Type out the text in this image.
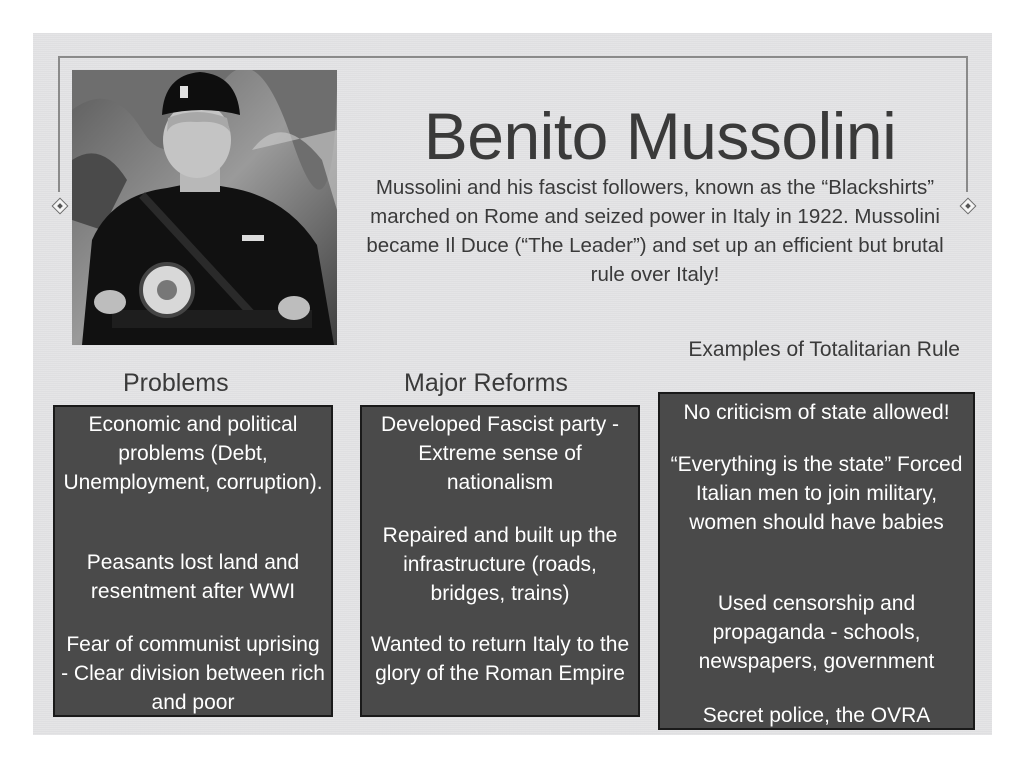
Benito Mussolini
Mussolini and his fascist followers, known as the “Blackshirts” marched on Rome and seized power in Italy in 1922. Mussolini became Il Duce (“The Leader”) and set up an efficient but brutal rule over Italy!
Problems	Major Reforms
Examples of Totalitarian Rule

Economic and political problems (Debt, Unemployment, corruption).

Peasants lost land and resentment after WWI

Fear of communist uprising - Clear division between rich and poor

Developed Fascist party - Extreme sense of nationalism

Repaired and built up the infrastructure (roads, bridges, trains)

Wanted to return Italy to the glory of the Roman Empire

No criticism of state allowed!

“Everything is the state” Forced Italian men to join military, women should have babies

Used censorship and propaganda - schools, newspapers, government

Secret police, the OVRA
